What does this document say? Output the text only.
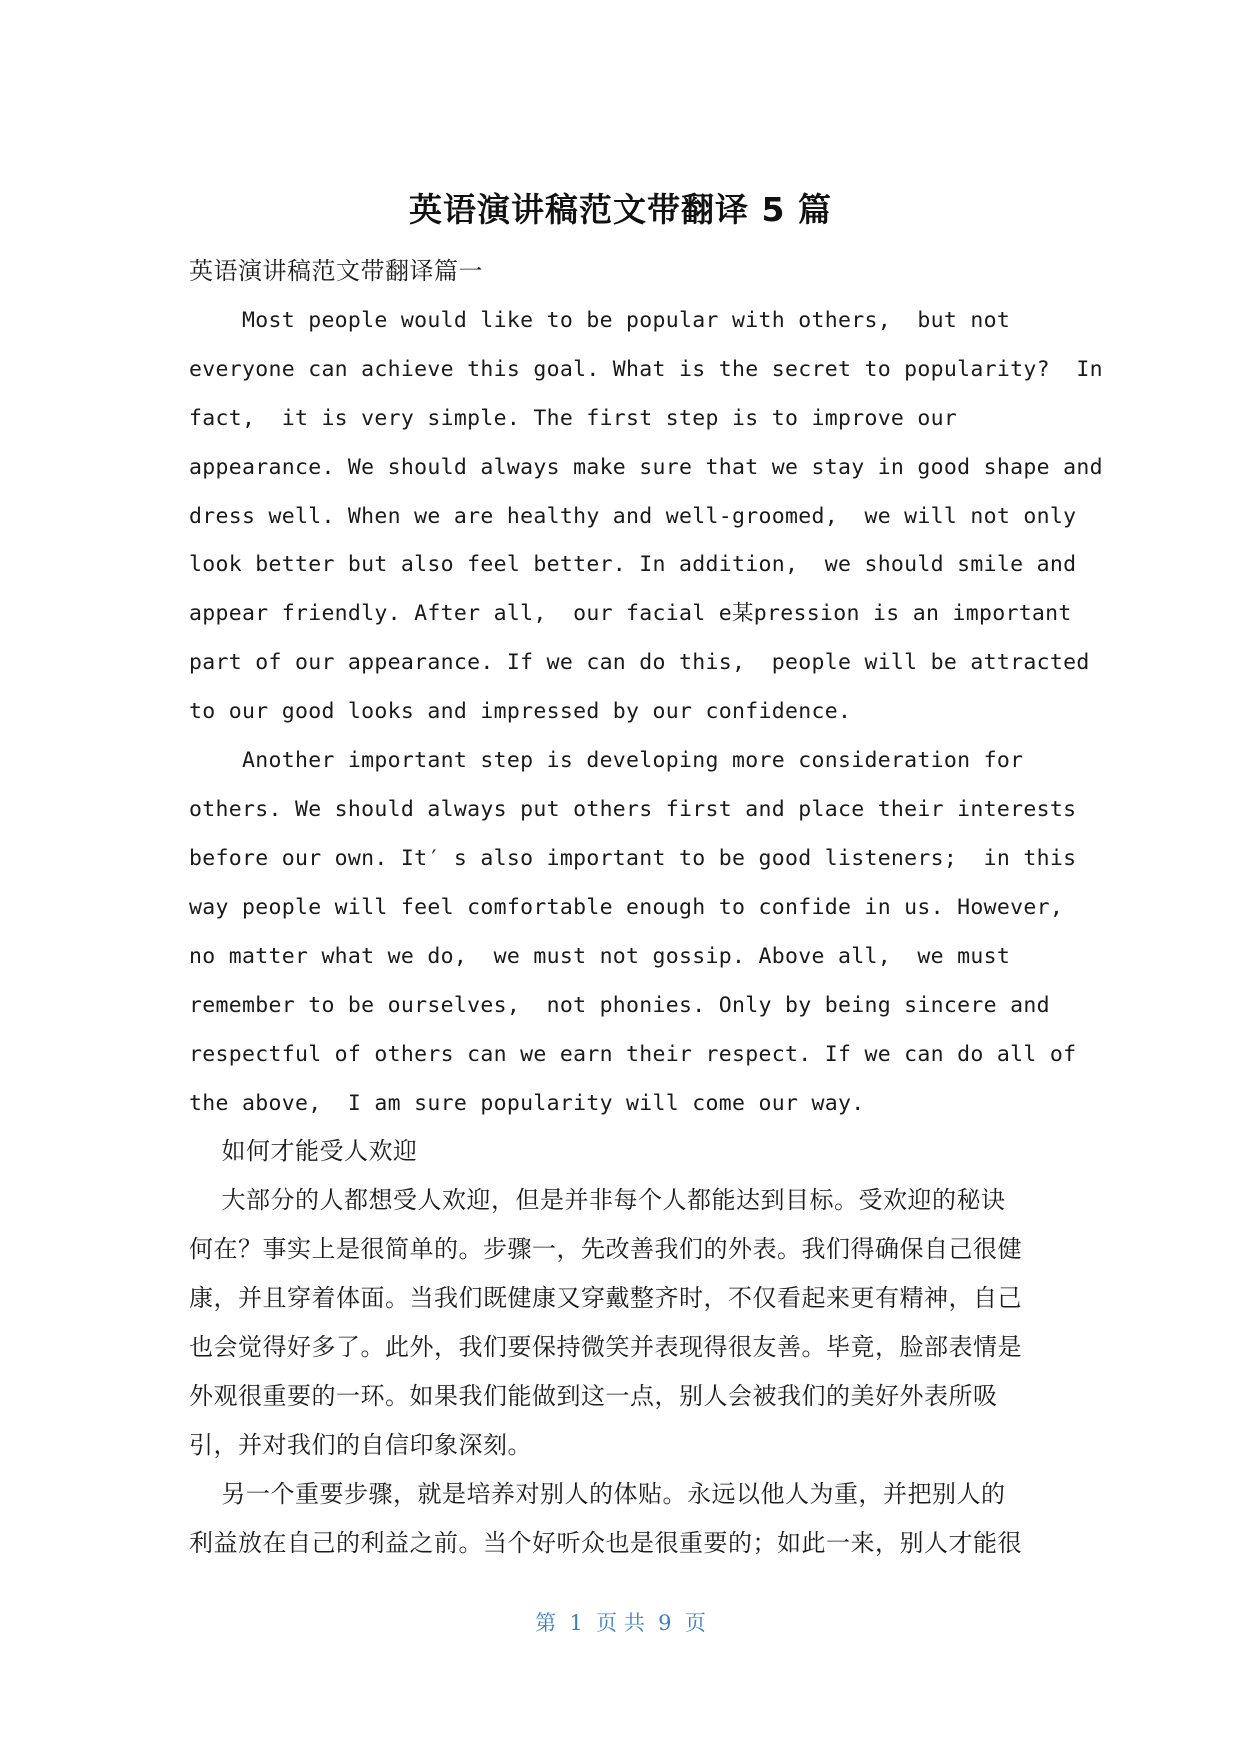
英语演讲稿范文带翻译 5 篇
英语演讲稿范文带翻译篇一
Most people would like to be popular with others,  but not
everyone can achieve this goal. What is the secret to popularity?  In
fact,  it is very simple. The first step is to improve our
appearance. We should always make sure that we stay in good shape and
dress well. When we are healthy and well-groomed,  we will not only
look better but also feel better. In addition,  we should smile and
appear friendly. After all,  our facial e某pression is an important
part of our appearance. If we can do this,  people will be attracted
to our good looks and impressed by our confidence.
Another important step is developing more consideration for
others. We should always put others first and place their interests
before our own. It′ s also important to be good listeners;  in this
way people will feel comfortable enough to confide in us. However,
no matter what we do,  we must not gossip. Above all,  we must
remember to be ourselves,  not phonies. Only by being sincere and
respectful of others can we earn their respect. If we can do all of
the above,  I am sure popularity will come our way.
如何才能受人欢迎
大部分的人都想受人欢迎，但是并非每个人都能达到目标。受欢迎的秘诀
何在？事实上是很简单的。步骤一，先改善我们的外表。我们得确保自己很健
康，并且穿着体面。当我们既健康又穿戴整齐时，不仅看起来更有精神，自己
也会觉得好多了。此外，我们要保持微笑并表现得很友善。毕竟，脸部表情是
外观很重要的一环。如果我们能做到这一点，别人会被我们的美好外表所吸
引，并对我们的自信印象深刻。
另一个重要步骤，就是培养对别人的体贴。永远以他人为重，并把别人的
利益放在自己的利益之前。当个好听众也是很重要的；如此一来，别人才能很
第  1  页 共  9  页
